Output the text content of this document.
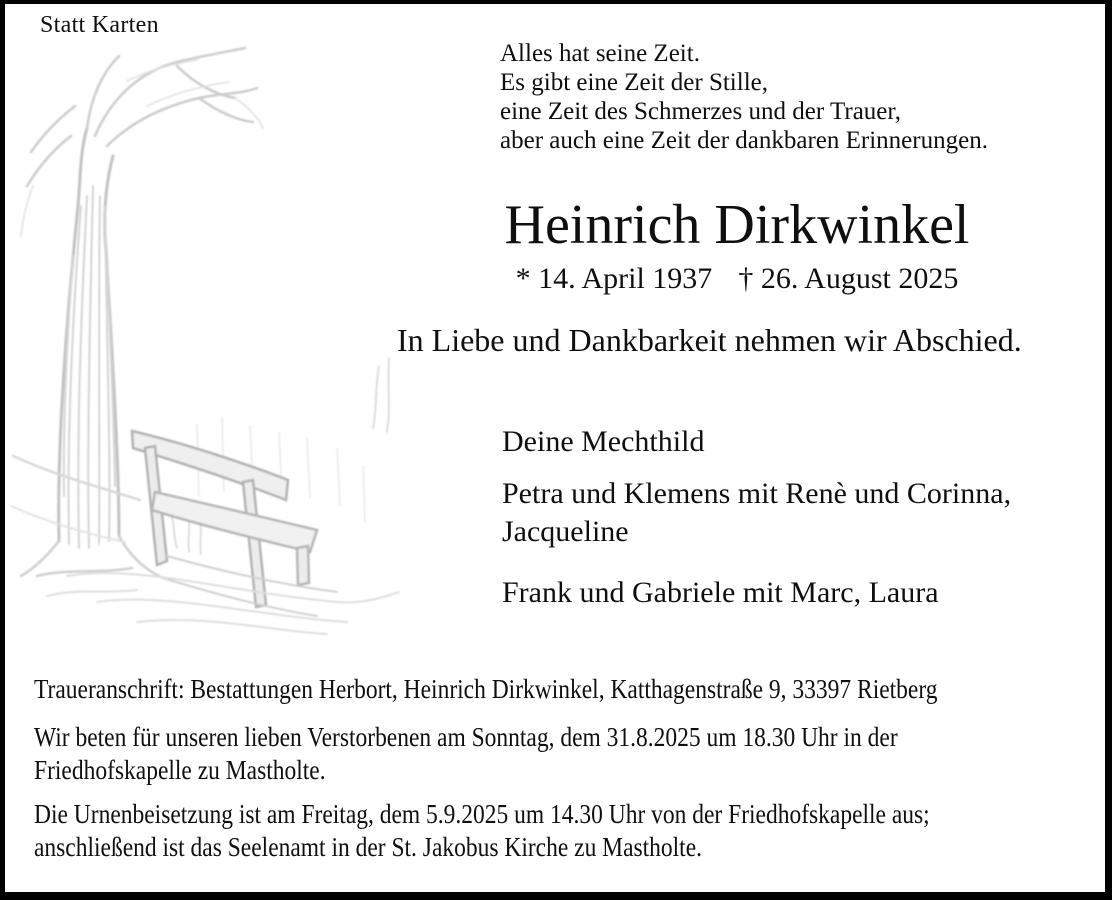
Statt Karten
Alles hat seine Zeit.
Es gibt eine Zeit der Stille,
eine Zeit des Schmerzes und der Trauer,
aber auch eine Zeit der dankbaren Erinnerungen.
Heinrich Dirkwinkel
* 14. April 1937 † 26. August 2025
In Liebe und Dankbarkeit nehmen wir Abschied.
Deine Mechthild
Petra und Klemens mit Renè und Corinna,
Jacqueline
Frank und Gabriele mit Marc, Laura
Traueranschrift: Bestattungen Herbort, Heinrich Dirkwinkel, Katthagenstraße 9, 33397 Rietberg
Wir beten für unseren lieben Verstorbenen am Sonntag, dem 31.8.2025 um 18.30 Uhr in der
Friedhofskapelle zu Mastholte.
Die Urnenbeisetzung ist am Freitag, dem 5.9.2025 um 14.30 Uhr von der Friedhofskapelle aus;
anschließend ist das Seelenamt in der St. Jakobus Kirche zu Mastholte.
